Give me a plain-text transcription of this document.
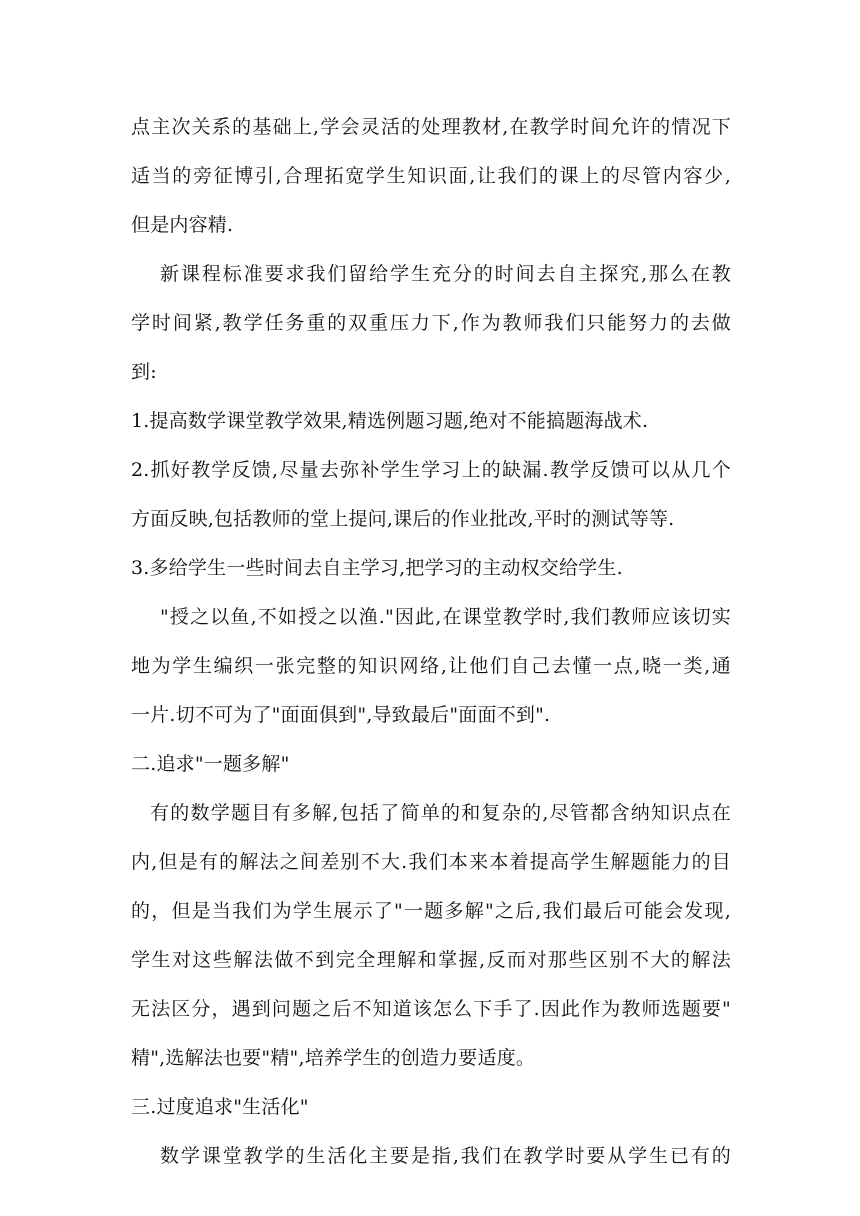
点主次关系的基础上,学会灵活的处理教材,在教学时间允许的情况下
适当的旁征博引,合理拓宽学生知识面,让我们的课上的尽管内容少,
但是内容精.
新课程标准要求我们留给学生充分的时间去自主探究,那么在教
学时间紧,教学任务重的双重压力下,作为教师我们只能努力的去做
到:
1.提高数学课堂教学效果,精选例题习题,绝对不能搞题海战术.
2.抓好教学反馈,尽量去弥补学生学习上的缺漏.教学反馈可以从几个
方面反映,包括教师的堂上提问,课后的作业批改,平时的测试等等.
3.多给学生一些时间去自主学习,把学习的主动权交给学生.
"授之以鱼,不如授之以渔."因此,在课堂教学时,我们教师应该切实
地为学生编织一张完整的知识网络,让他们自己去懂一点,晓一类,通
一片.切不可为了"面面俱到",导致最后"面面不到".
二.追求"一题多解"
有的数学题目有多解,包括了简单的和复杂的,尽管都含纳知识点在
内,但是有的解法之间差别不大.我们本来本着提高学生解题能力的目
的，但是当我们为学生展示了"一题多解"之后,我们最后可能会发现,
学生对这些解法做不到完全理解和掌握,反而对那些区别不大的解法
无法区分，遇到问题之后不知道该怎么下手了.因此作为教师选题要"
精",选解法也要"精",培养学生的创造力要适度。
三.过度追求"生活化"
数学课堂教学的生活化主要是指,我们在教学时要从学生已有的
